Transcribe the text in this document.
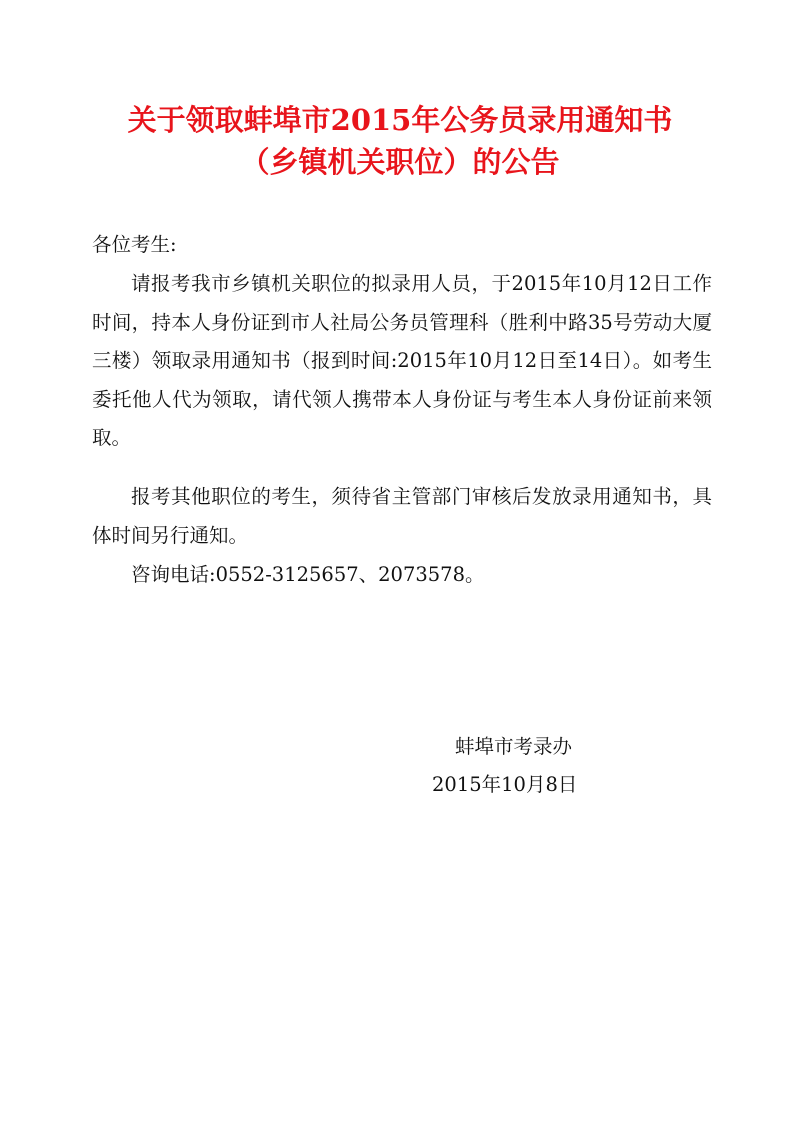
关于领取蚌埠市2015年公务员录用通知书
（乡镇机关职位）的公告

各位考生:

请报考我市乡镇机关职位的拟录用人员，于2015年10月12日工作时间，持本人身份证到市人社局公务员管理科（胜利中路35号劳动大厦三楼）领取录用通知书（报到时间:2015年10月12日至14日）。如考生委托他人代为领取，请代领人携带本人身份证与考生本人身份证前来领取。

报考其他职位的考生，须待省主管部门审核后发放录用通知书，具体时间另行通知。

咨询电话:0552-3125657、2073578。

蚌埠市考录办

2015年10月8日
